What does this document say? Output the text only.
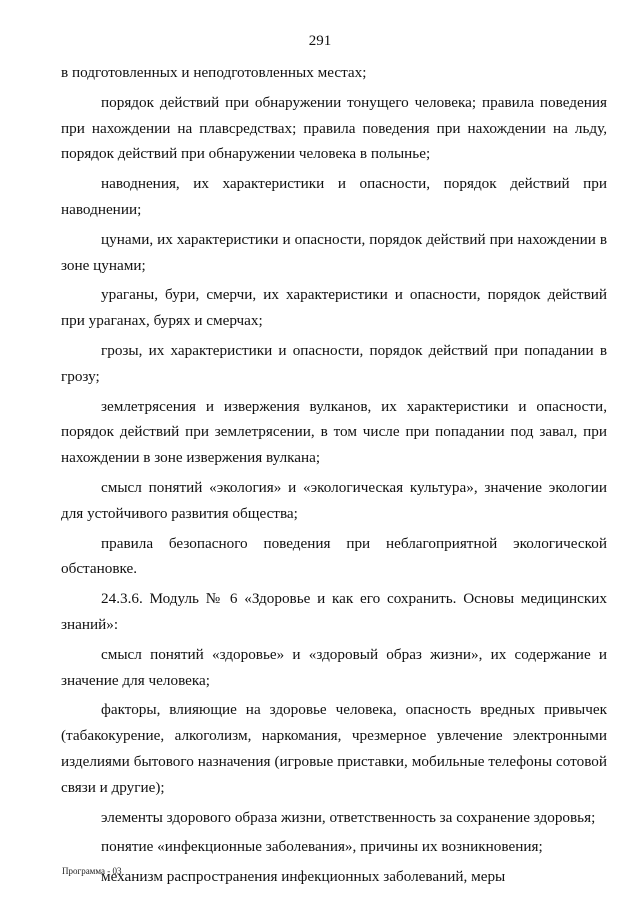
291

в подготовленных и неподготовленных местах;

порядок действий при обнаружении тонущего человека; правила поведения при нахождении на плавсредствах; правила поведения при нахождении на льду, порядок действий при обнаружении человека в полынье;

наводнения, их характеристики и опасности, порядок действий при наводнении;

цунами, их характеристики и опасности, порядок действий при нахождении в зоне цунами;

ураганы, бури, смерчи, их характеристики и опасности, порядок действий при ураганах, бурях и смерчах;

грозы, их характеристики и опасности, порядок действий при попадании в грозу;

землетрясения и извержения вулканов, их характеристики и опасности, порядок действий при землетрясении, в том числе при попадании под завал, при нахождении в зоне извержения вулкана;

смысл понятий «экология» и «экологическая культура», значение экологии для устойчивого развития общества;

правила безопасного поведения при неблагоприятной экологической обстановке.

24.3.6. Модуль № 6 «Здоровье и как его сохранить. Основы медицинских знаний»:

смысл понятий «здоровье» и «здоровый образ жизни», их содержание и значение для человека;

факторы, влияющие на здоровье человека, опасность вредных привычек (табакокурение, алкоголизм, наркомания, чрезмерное увлечение электронными изделиями бытового назначения (игровые приставки, мобильные телефоны сотовой связи и другие);

элементы здорового образа жизни, ответственность за сохранение здоровья;

понятие «инфекционные заболевания», причины их возникновения;

механизм распространения инфекционных заболеваний, меры

Программа - 03
